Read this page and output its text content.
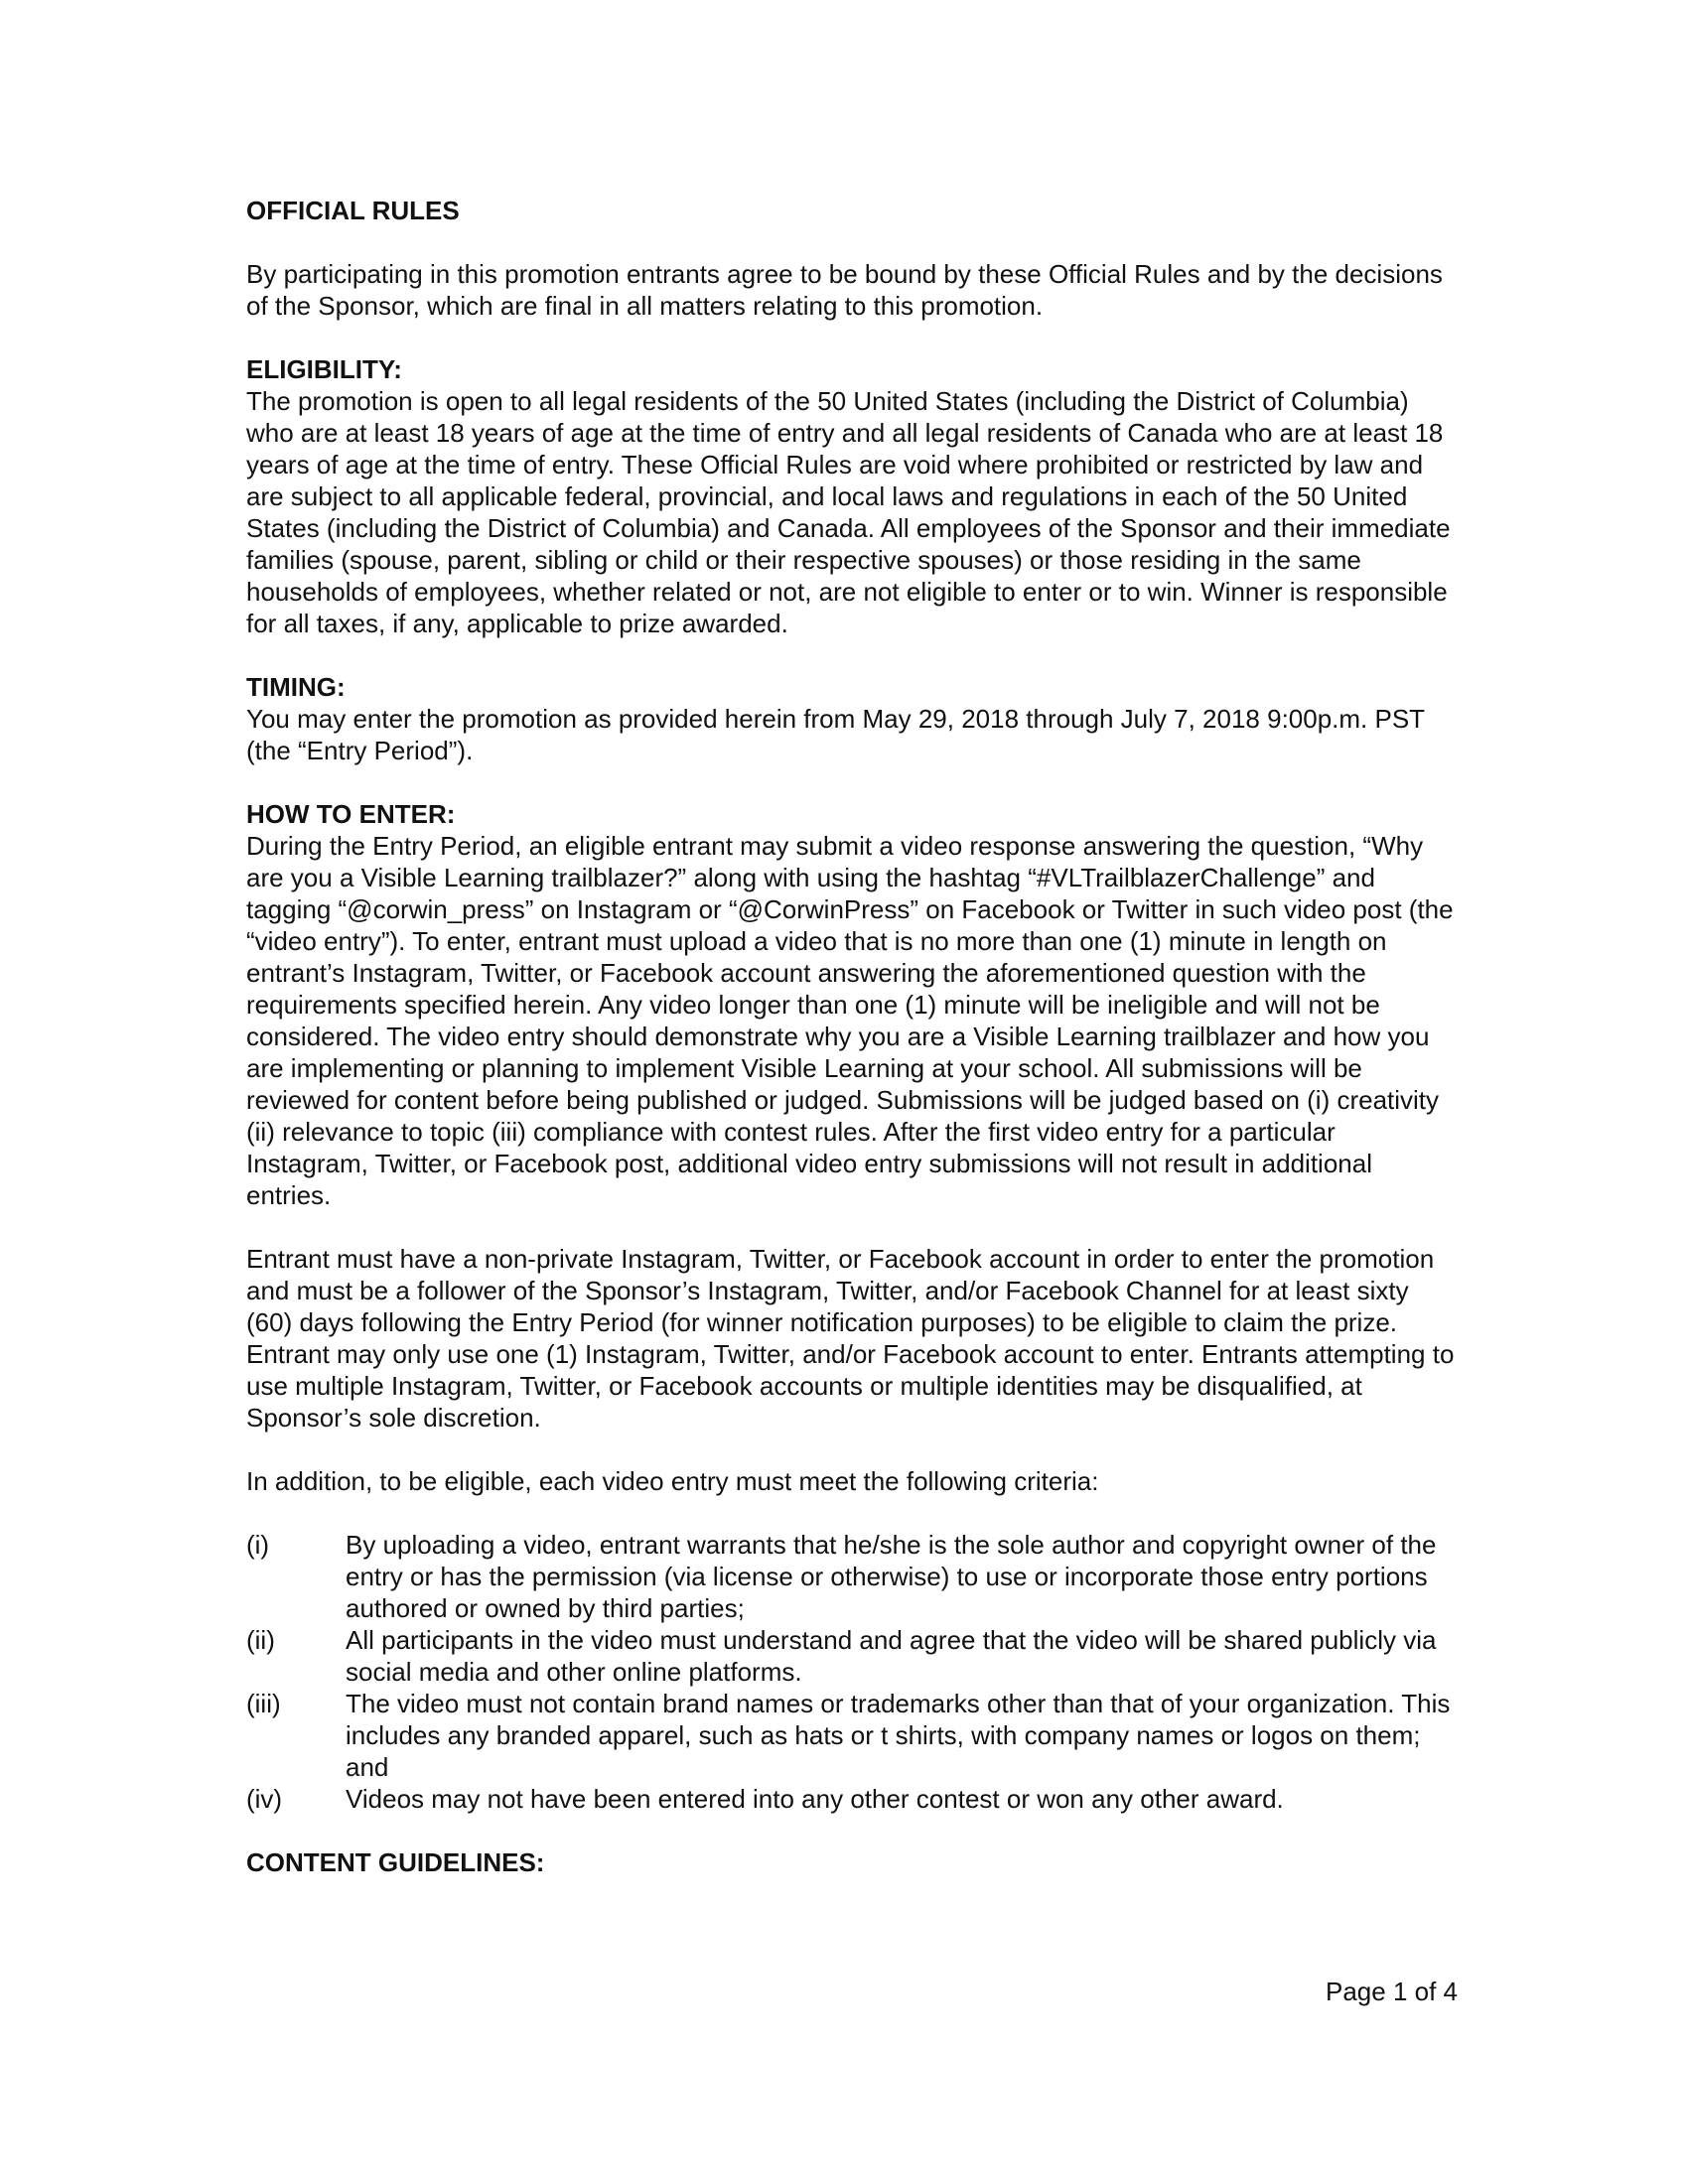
OFFICIAL RULES

By participating in this promotion entrants agree to be bound by these Official Rules and by the decisions of the Sponsor, which are final in all matters relating to this promotion.

ELIGIBILITY:

The promotion is open to all legal residents of the 50 United States (including the District of Columbia) who are at least 18 years of age at the time of entry and all legal residents of Canada who are at least 18 years of age at the time of entry. These Official Rules are void where prohibited or restricted by law and are subject to all applicable federal, provincial, and local laws and regulations in each of the 50 United States (including the District of Columbia) and Canada. All employees of the Sponsor and their immediate families (spouse, parent, sibling or child or their respective spouses) or those residing in the same households of employees, whether related or not, are not eligible to enter or to win. Winner is responsible for all taxes, if any, applicable to prize awarded.

TIMING:

You may enter the promotion as provided herein from May 29, 2018 through July 7, 2018 9:00p.m. PST (the “Entry Period”).

HOW TO ENTER:

During the Entry Period, an eligible entrant may submit a video response answering the question, “Why are you a Visible Learning trailblazer?” along with using the hashtag “#VLTrailblazerChallenge” and tagging “@corwin_press” on Instagram or “@CorwinPress” on Facebook or Twitter in such video post (the “video entry”). To enter, entrant must upload a video that is no more than one (1) minute in length on entrant’s Instagram, Twitter, or Facebook account answering the aforementioned question with the requirements specified herein. Any video longer than one (1) minute will be ineligible and will not be considered. The video entry should demonstrate why you are a Visible Learning trailblazer and how you are implementing or planning to implement Visible Learning at your school. All submissions will be reviewed for content before being published or judged. Submissions will be judged based on (i) creativity (ii) relevance to topic (iii) compliance with contest rules. After the first video entry for a particular Instagram, Twitter, or Facebook post, additional video entry submissions will not result in additional entries.

Entrant must have a non-private Instagram, Twitter, or Facebook account in order to enter the promotion and must be a follower of the Sponsor’s Instagram, Twitter, and/or Facebook Channel for at least sixty (60) days following the Entry Period (for winner notification purposes) to be eligible to claim the prize. Entrant may only use one (1) Instagram, Twitter, and/or Facebook account to enter. Entrants attempting to use multiple Instagram, Twitter, or Facebook accounts or multiple identities may be disqualified, at Sponsor’s sole discretion.

In addition, to be eligible, each video entry must meet the following criteria:

(i)	By uploading a video, entrant warrants that he/she is the sole author and copyright owner of the entry or has the permission (via license or otherwise) to use or incorporate those entry portions authored or owned by third parties;
(ii)	All participants in the video must understand and agree that the video will be shared publicly via social media and other online platforms.
(iii)	The video must not contain brand names or trademarks other than that of your organization. This includes any branded apparel, such as hats or t shirts, with company names or logos on them; and
(iv)	Videos may not have been entered into any other contest or won any other award.

CONTENT GUIDELINES:

Page 1 of 4
